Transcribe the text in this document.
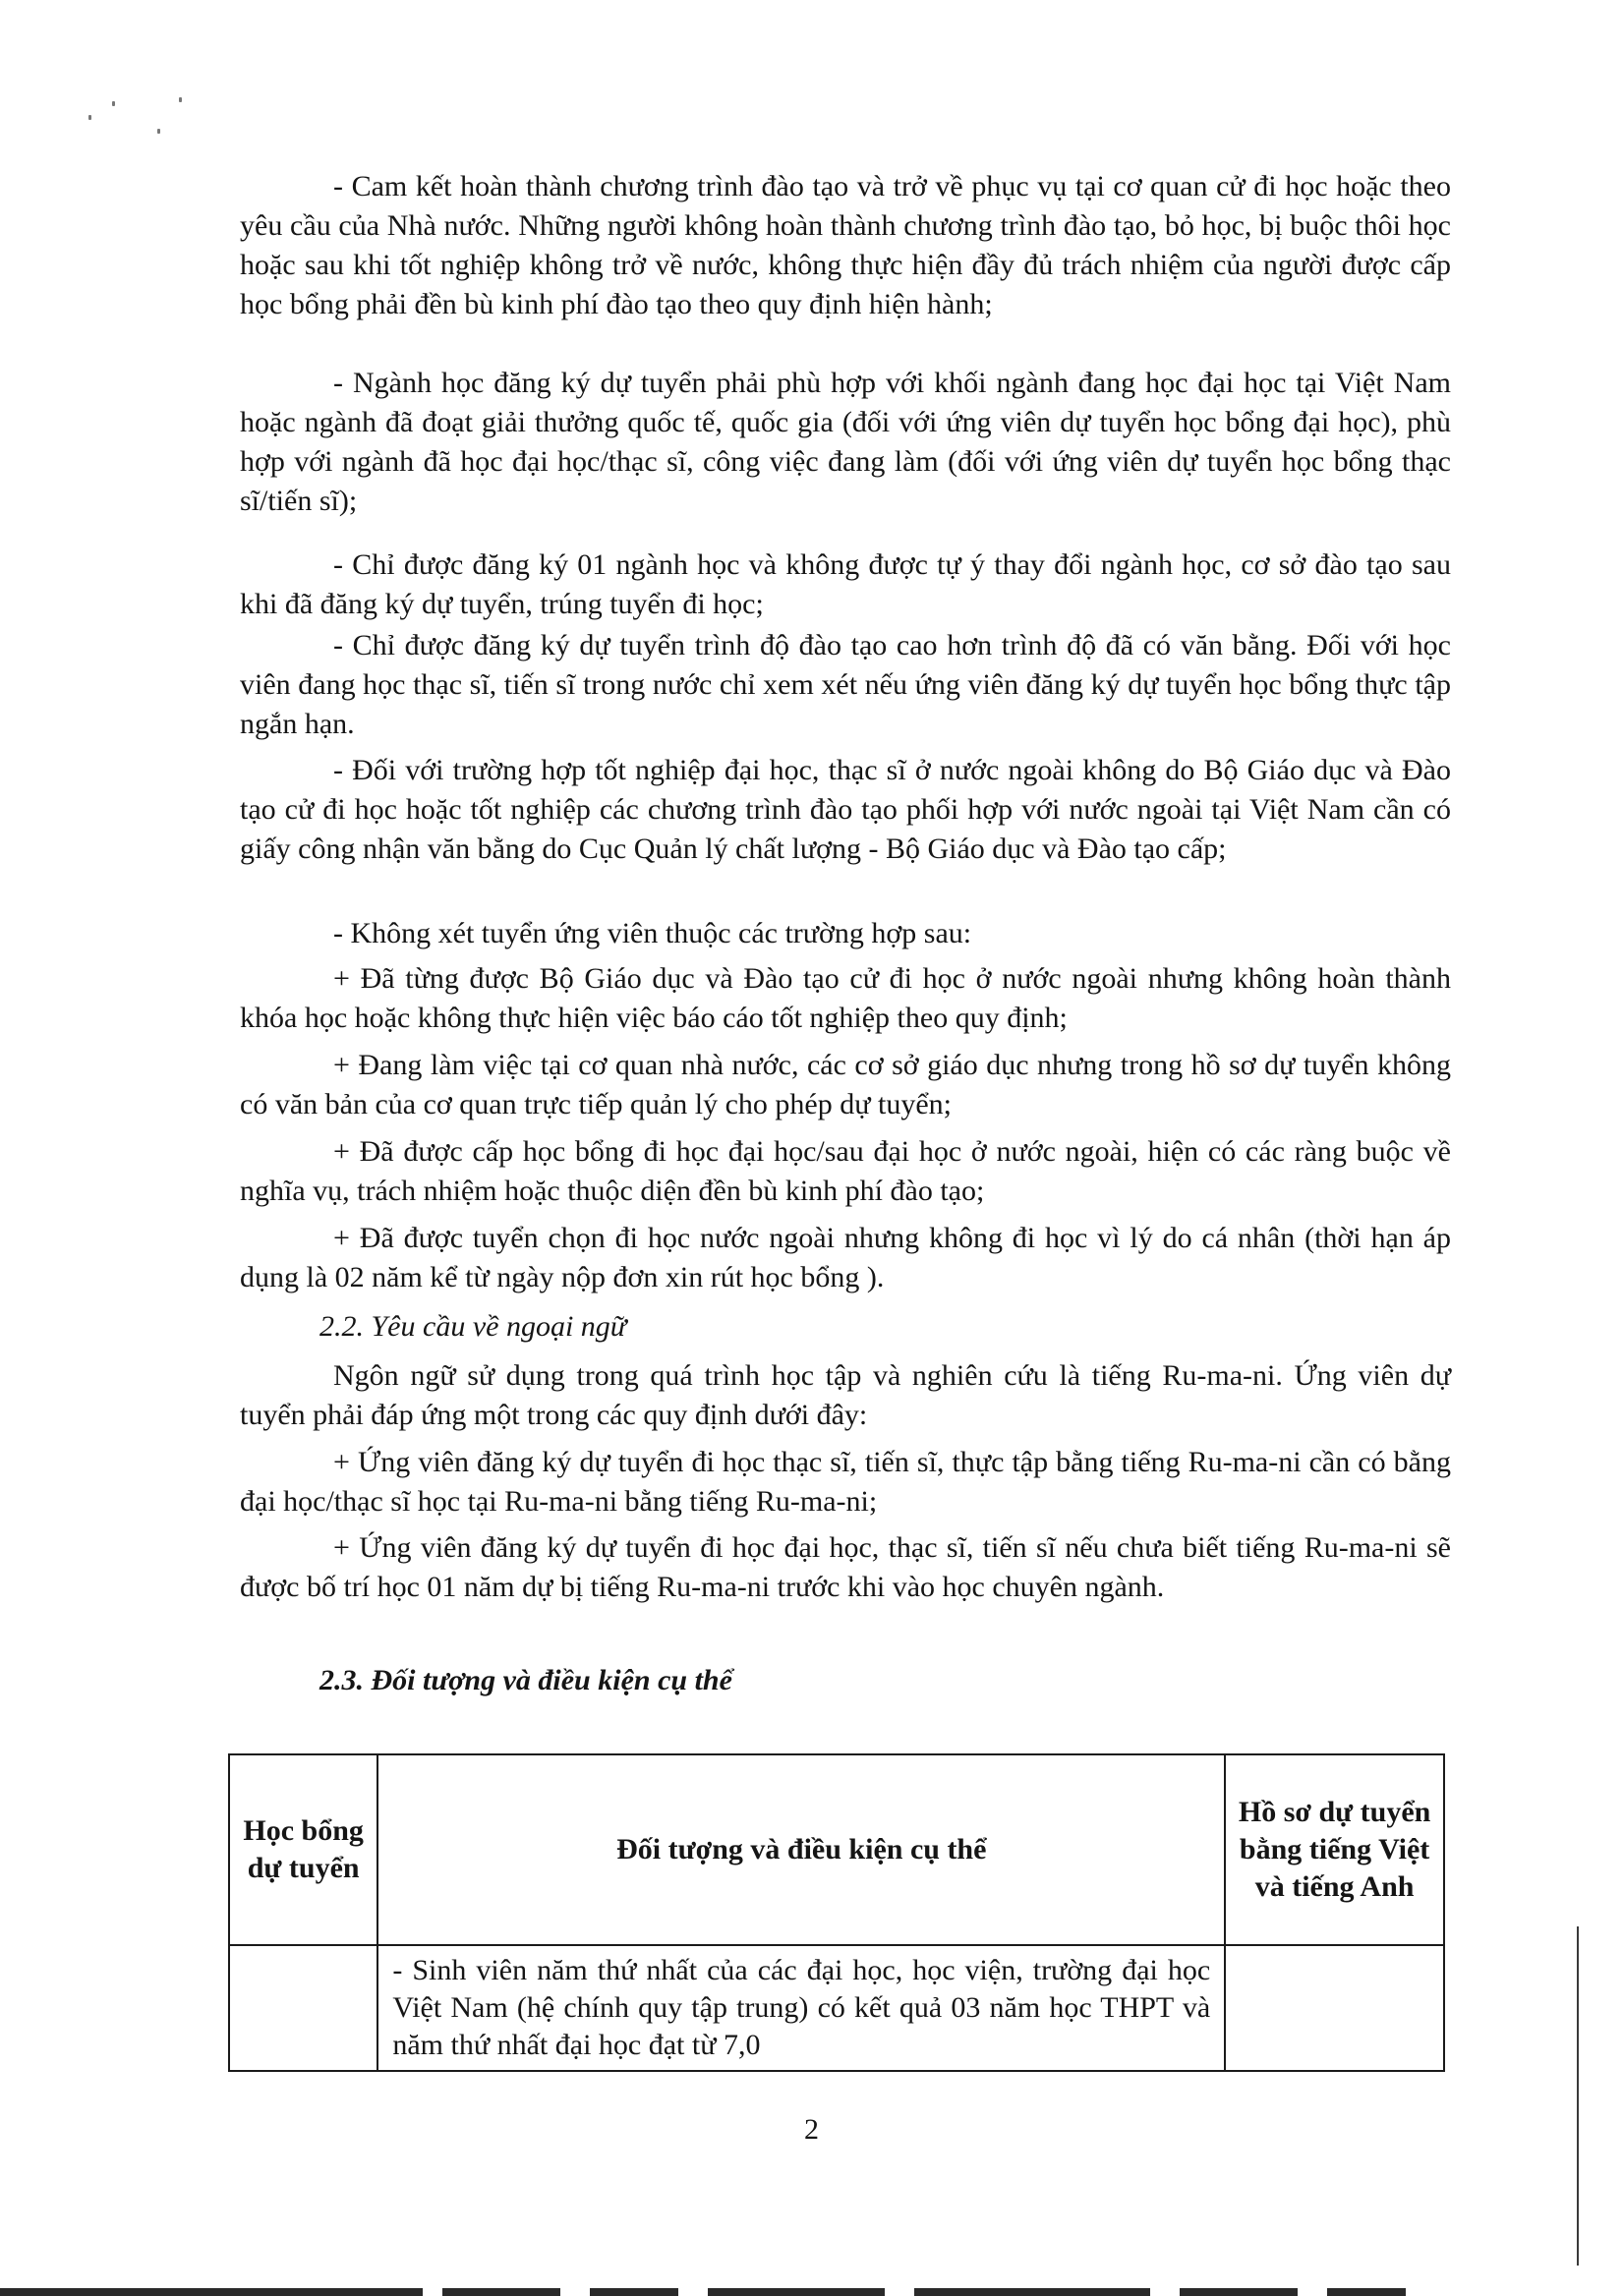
- Cam kết hoàn thành chương trình đào tạo và trở về phục vụ tại cơ quan cử đi học hoặc theo yêu cầu của Nhà nước. Những người không hoàn thành chương trình đào tạo, bỏ học, bị buộc thôi học hoặc sau khi tốt nghiệp không trở về nước, không thực hiện đầy đủ trách nhiệm của người được cấp học bổng phải đền bù kinh phí đào tạo theo quy định hiện hành;

- Ngành học đăng ký dự tuyển phải phù hợp với khối ngành đang học đại học tại Việt Nam hoặc ngành đã đoạt giải thưởng quốc tế, quốc gia (đối với ứng viên dự tuyển học bổng đại học), phù hợp với ngành đã học đại học/thạc sĩ, công việc đang làm (đối với ứng viên dự tuyển học bổng thạc sĩ/tiến sĩ);

- Chỉ được đăng ký 01 ngành học và không được tự ý thay đổi ngành học, cơ sở đào tạo sau khi đã đăng ký dự tuyển, trúng tuyển đi học;

- Chỉ được đăng ký dự tuyển trình độ đào tạo cao hơn trình độ đã có văn bằng. Đối với học viên đang học thạc sĩ, tiến sĩ trong nước chỉ xem xét nếu ứng viên đăng ký dự tuyển học bổng thực tập ngắn hạn.

- Đối với trường hợp tốt nghiệp đại học, thạc sĩ ở nước ngoài không do Bộ Giáo dục và Đào tạo cử đi học hoặc tốt nghiệp các chương trình đào tạo phối hợp với nước ngoài tại Việt Nam cần có giấy công nhận văn bằng do Cục Quản lý chất lượng - Bộ Giáo dục và Đào tạo cấp;

- Không xét tuyển ứng viên thuộc các trường hợp sau:

+ Đã từng được Bộ Giáo dục và Đào tạo cử đi học ở nước ngoài nhưng không hoàn thành khóa học hoặc không thực hiện việc báo cáo tốt nghiệp theo quy định;

+ Đang làm việc tại cơ quan nhà nước, các cơ sở giáo dục nhưng trong hồ sơ dự tuyển không có văn bản của cơ quan trực tiếp quản lý cho phép dự tuyển;

+ Đã được cấp học bổng đi học đại học/sau đại học ở nước ngoài, hiện có các ràng buộc về nghĩa vụ, trách nhiệm hoặc thuộc diện đền bù kinh phí đào tạo;

+ Đã được tuyển chọn đi học nước ngoài nhưng không đi học vì lý do cá nhân (thời hạn áp dụng là 02 năm kể từ ngày nộp đơn xin rút học bổng ).

2.2. Yêu cầu về ngoại ngữ

Ngôn ngữ sử dụng trong quá trình học tập và nghiên cứu là tiếng Ru-ma-ni. Ứng viên dự tuyển phải đáp ứng một trong các quy định dưới đây:

+ Ứng viên đăng ký dự tuyển đi học thạc sĩ, tiến sĩ, thực tập bằng tiếng Ru-ma-ni cần có bằng đại học/thạc sĩ học tại Ru-ma-ni bằng tiếng Ru-ma-ni;

+ Ứng viên đăng ký dự tuyển đi học đại học, thạc sĩ, tiến sĩ nếu chưa biết tiếng Ru-ma-ni sẽ được bố trí học 01 năm dự bị tiếng Ru-ma-ni trước khi vào học chuyên ngành.

2.3. Đối tượng và điều kiện cụ thể

Học bổng dự tuyển	Đối tượng và điều kiện cụ thể	Hồ sơ dự tuyển bằng tiếng Việt và tiếng Anh
	- Sinh viên năm thứ nhất của các đại học, học viện, trường đại học Việt Nam (hệ chính quy tập trung) có kết quả 03 năm học THPT và năm thứ nhất đại học đạt từ 7,0	
2
